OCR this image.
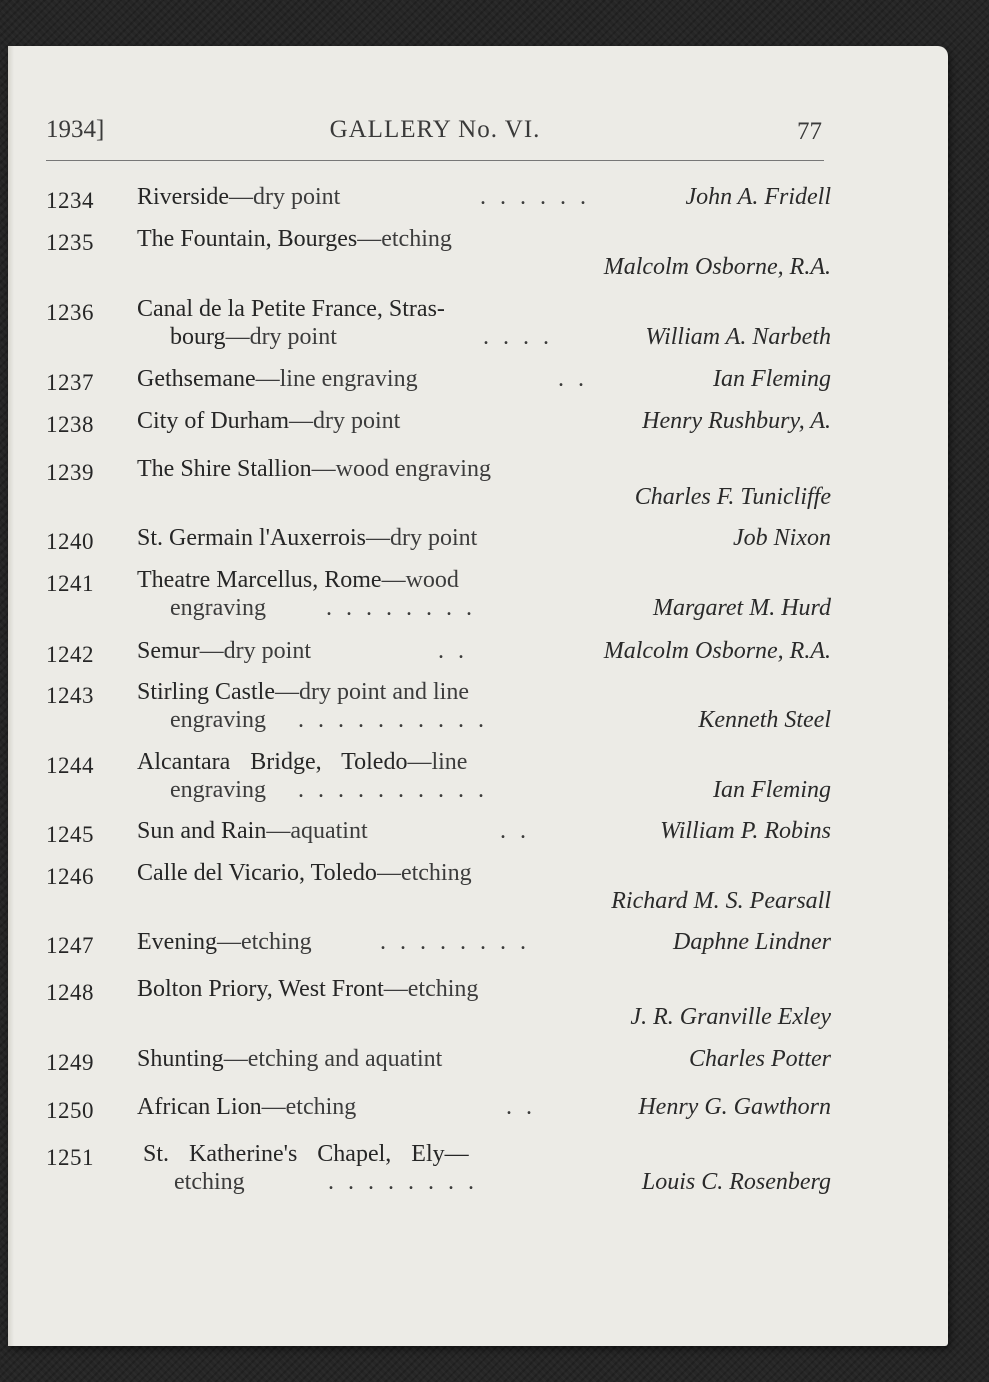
1934]	GALLERY No. VI.	77
1234 Riverside—dry point	. . . . . .	John A. Fridell
1235 The Fountain, Bourges—etching
Malcolm Osborne, R.A.
1236 Canal de la Petite France, Stras-
bourg—dry point	. . . .	William A. Narbeth
1237 Gethsemane—line engraving	. .	Ian Fleming
1238 City of Durham—dry point	Henry Rushbury, A.
1239 The Shire Stallion—wood engraving
Charles F. Tunicliffe
1240 St. Germain l'Auxerrois—dry point	Job Nixon
1241 Theatre Marcellus, Rome—wood
engraving	. . . . . . . .	Margaret M. Hurd
1242 Semur—dry point	. .	Malcolm Osborne, R.A.
1243 Stirling Castle—dry point and line
engraving . . . . . . . . . .	Kenneth Steel
1244 Alcantara Bridge, Toledo—line
engraving . . . . . . . . . .	Ian Fleming
1245 Sun and Rain—aquatint	. .	William P. Robins
1246 Calle del Vicario, Toledo—etching
Richard M. S. Pearsall
1247 Evening—etching	. . . . . . . .	Daphne Lindner
1248 Bolton Priory, West Front—etching
J. R. Granville Exley
1249 Shunting—etching and aquatint	Charles Potter
1250 African Lion—etching	. .	Henry G. Gawthorn
1251 St. Katherine's Chapel, Ely—
etching	. . . . . . . .	Louis C. Rosenberg
